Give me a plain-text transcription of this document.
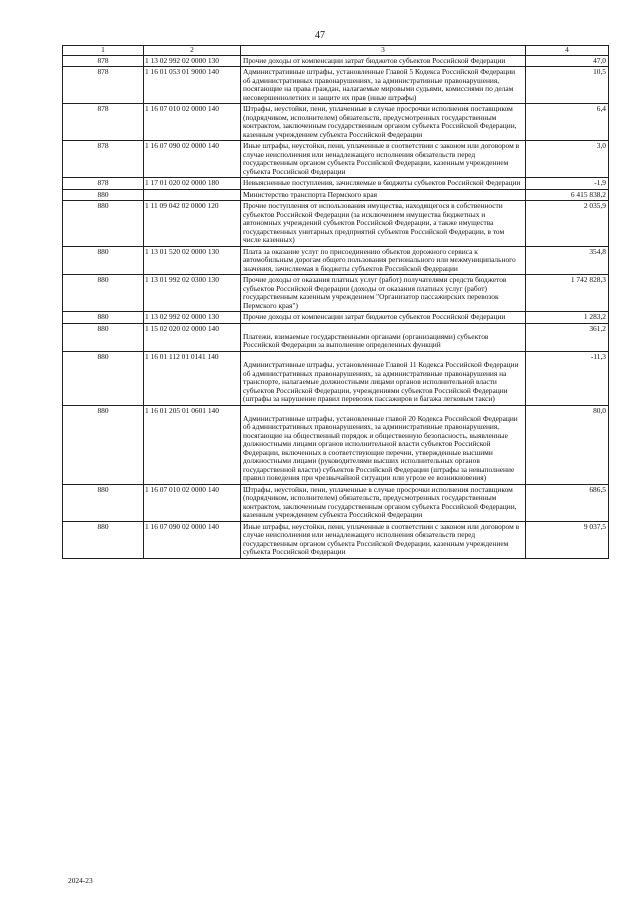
47
1	2	3	4
878	1 13 02 992 02 0000 130	Прочие доходы от компенсации затрат бюджетов субъектов Российской Федерации	47,0
878	1 16 01 053 01 9000 140	Административные штрафы, установленные Главой 5 Кодекса Российской Федерации об административных правонарушениях, за административные правонарушения, посягающие на права граждан, налагаемые мировыми судьями, комиссиями по делам несовершеннолетних и защите их прав (иные штрафы)	10,5
878	1 16 07 010 02 0000 140	Штрафы, неустойки, пени, уплаченные в случае просрочки исполнения поставщиком (подрядчиком, исполнителем) обязательств, предусмотренных государственным контрактом, заключенным государственным органом субъекта Российской Федерации, казенным учреждением субъекта Российской Федерации	6,4
878	1 16 07 090 02 0000 140	Иные штрафы, неустойки, пени, уплаченные в соответствии с законом или договором в случае неисполнения или ненадлежащего исполнения обязательств перед государственным органом субъекта Российской Федерации, казенным учреждением субъекта Российской Федерации	3,0
878	1 17 01 020 02 0000 180	Невыясненные поступления, зачисляемые в бюджеты субъектов Российской Федерации	-1,9
880		Министерство транспорта Пермского края	6 415 838,2
880	1 11 09 042 02 0000 120	Прочие поступления от использования имущества, находящегося в собственности субъектов Российской Федерации (за исключением имущества бюджетных и автономных учреждений субъектов Российской Федерации, а также имущества государственных унитарных предприятий субъектов Российской Федерации, в том числе казенных)	2 035,9
880	1 13 01 520 02 0000 130	Плата за оказание услуг по присоединению объектов дорожного сервиса к автомобильным дорогам общего пользования регионального или межмуниципального значения, зачисляемая в бюджеты субъектов Российской Федерации	354,8
880	1 13 01 992 02 0300 130	Прочие доходы от оказания платных услуг (работ) получателями средств бюджетов субъектов Российской Федерации (доходы от оказания платных услуг (работ) государственным казенным учреждением "Организатор пассажирских перевозок Пермского края")	1 742 828,3
880	1 13 02 992 02 0000 130	Прочие доходы от компенсации затрат бюджетов субъектов Российской Федерации	1 283,2
880	1 15 02 020 02 0000 140	Платежи, взимаемые государственными органами (организациями) субъектов Российской Федерации за выполнение определенных функций	361,2
880	1 16 01 112 01 0141 140	Административные штрафы, установленные Главой 11 Кодекса Российской Федерации об административных правонарушениях, за административные правонарушения на транспорте, налагаемые должностными лицами органов исполнительной власти субъектов Российской Федерации, учреждениями субъектов Российской Федерации (штрафы за нарушение правил перевозок пассажиров и багажа легковым такси)	-11,3
880	1 16 01 205 01 0601 140	Административные штрафы, установленные главой 20 Кодекса Российской Федерации об административных правонарушениях, за административные правонарушения, посягающие на общественный порядок и общественную безопасность, выявленные должностными лицами органов исполнительной власти субъектов Российской Федерации, включенных в соответствующие перечни, утвержденные высшими должностными лицами (руководителями высших исполнительных органов государственной власти) субъектов Российской Федерации (штрафы за невыполнение правил поведения при чрезвычайной ситуации или угрозе ее возникновения)	80,0
880	1 16 07 010 02 0000 140	Штрафы, неустойки, пени, уплаченные в случае просрочки исполнения поставщиком (подрядчиком, исполнителем) обязательств, предусмотренных государственным контрактом, заключенным государственным органом субъекта Российской Федерации, казенным учреждением субъекта Российской Федерации	686,5
880	1 16 07 090 02 0000 140	Иные штрафы, неустойки, пени, уплаченные в соответствии с законом или договором в случае неисполнения или ненадлежащего исполнения обязательств перед государственным органом субъекта Российской Федерации, казенным учреждением субъекта Российской Федерации	9 037,5
2024-23
